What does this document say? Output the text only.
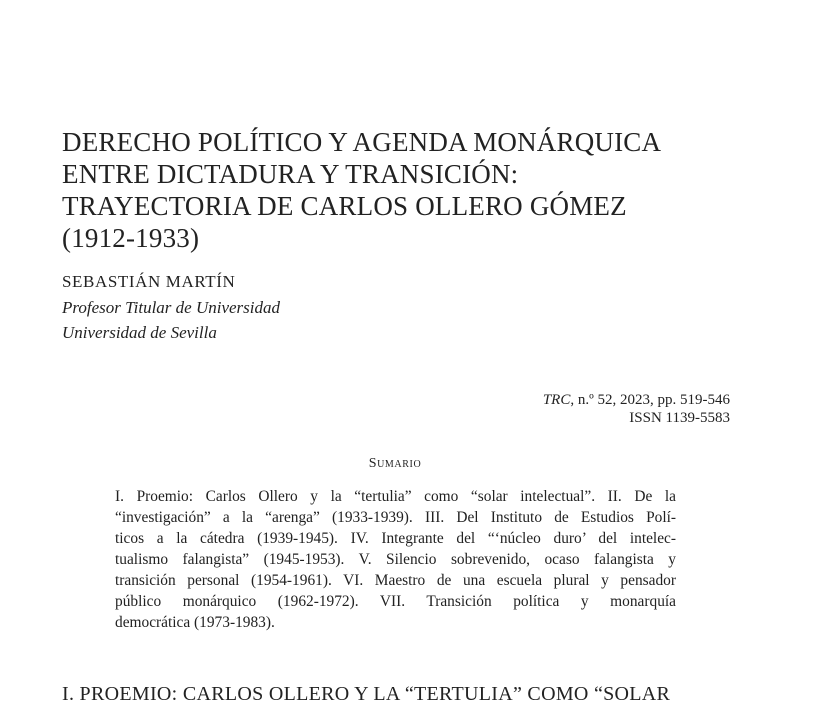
DERECHO POLÍTICO Y AGENDA MONÁRQUICA
ENTRE DICTADURA Y TRANSICIÓN:
TRAYECTORIA DE CARLOS OLLERO GÓMEZ
(1912-1933)

SEBASTIÁN MARTÍN

Profesor Titular de Universidad

Universidad de Sevilla

TRC, n.º 52, 2023, pp. 519-546
ISSN 1139-5583
Sumario
I. Proemio: Carlos Ollero y la “tertulia” como “solar intelectual”. II. De la
“investigación” a la “arenga” (1933-1939). III. Del Instituto de Estudios Polí-
ticos a la cátedra (1939-1945). IV. Integrante del “‘núcleo duro’ del intelec-
tualismo falangista” (1945-1953). V. Silencio sobrevenido, ocaso falangista y
transición personal (1954-1961). VI. Maestro de una escuela plural y pensador
público monárquico (1962-1972). VII. Transición política y monarquía
democrática (1973-1983).
I. PROEMIO: CARLOS OLLERO Y LA “TERTULIA” COMO “SOLAR
